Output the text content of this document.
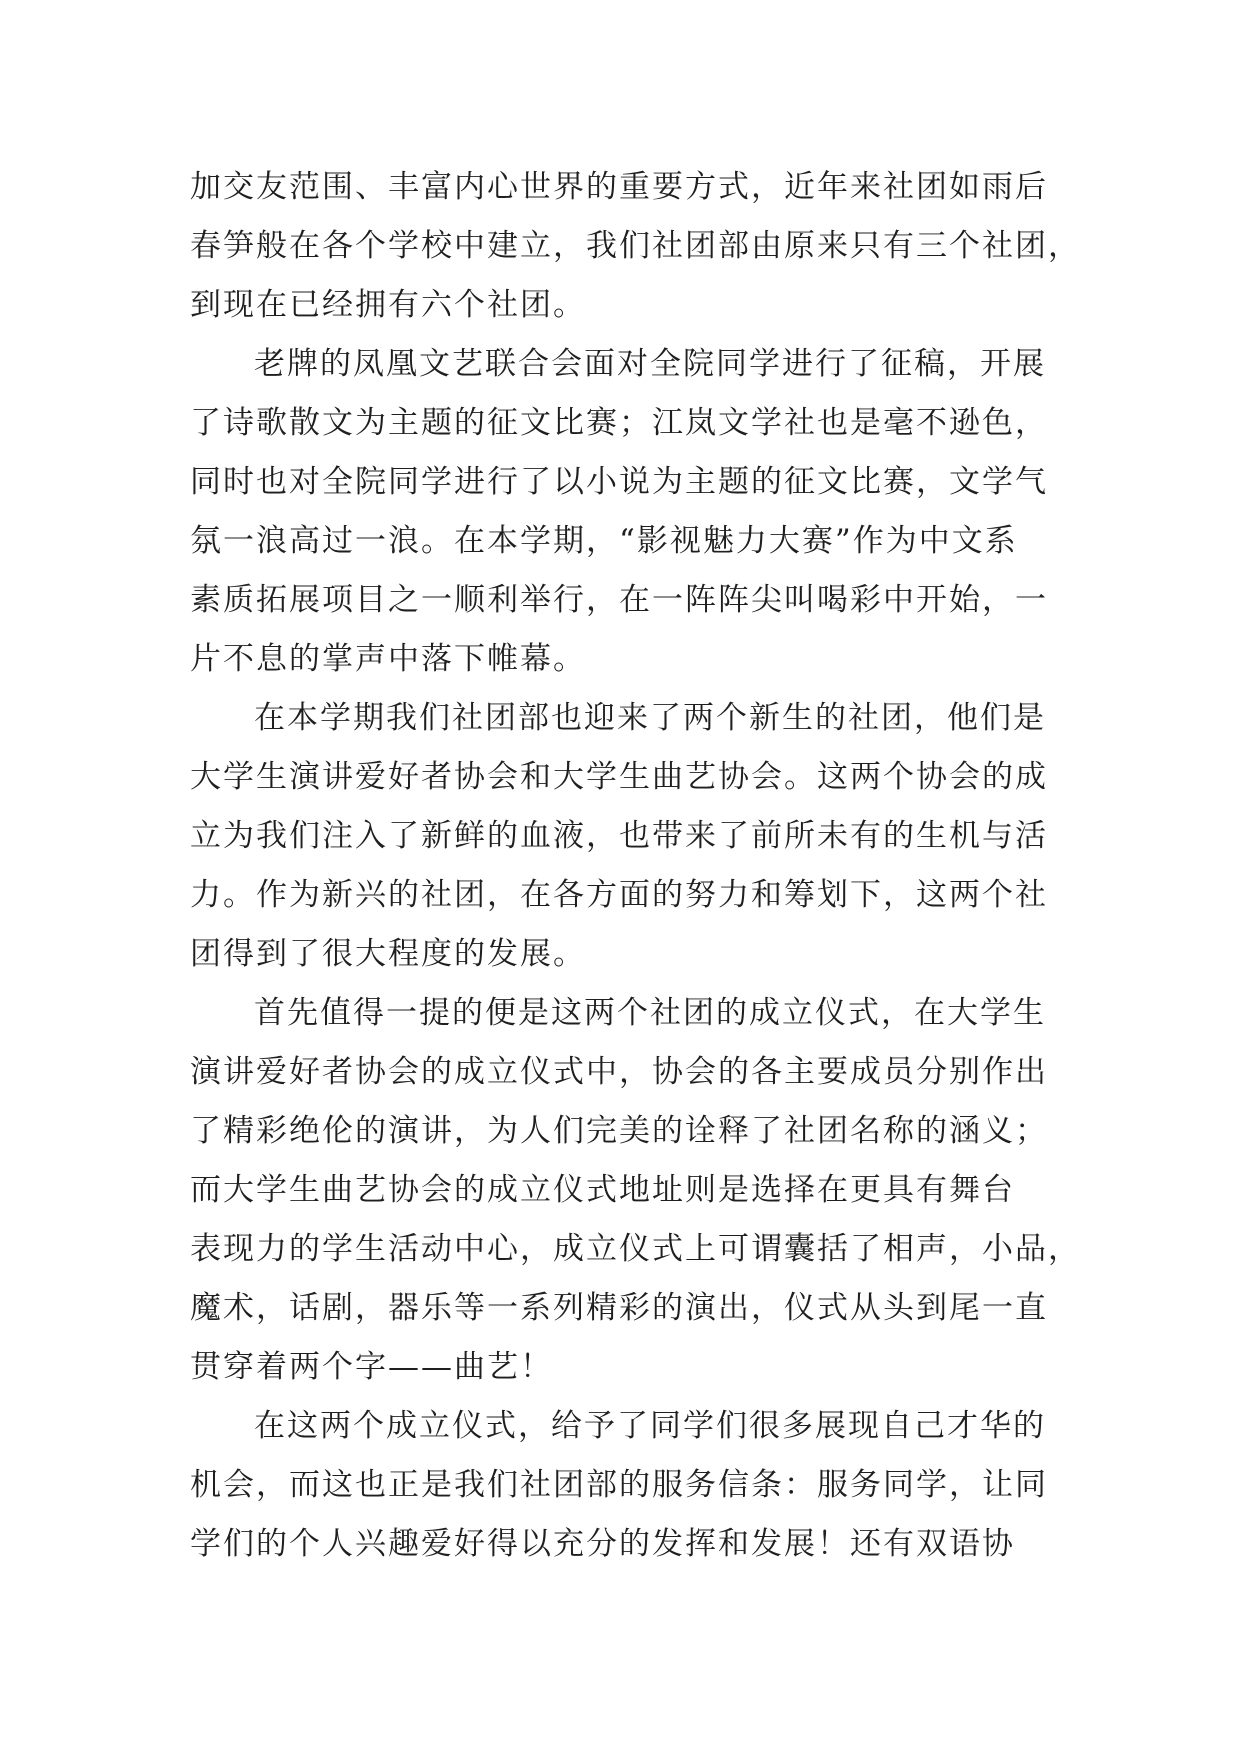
加交友范围、丰富内心世界的重要方式，近年来社团如雨后
春笋般在各个学校中建立，我们社团部由原来只有三个社团，
到现在已经拥有六个社团。
老牌的凤凰文艺联合会面对全院同学进行了征稿，开展
了诗歌散文为主题的征文比赛；江岚文学社也是毫不逊色，
同时也对全院同学进行了以小说为主题的征文比赛，文学气
氛一浪高过一浪。在本学期，“影视魅力大赛”作为中文系
素质拓展项目之一顺利举行，在一阵阵尖叫喝彩中开始，一
片不息的掌声中落下帷幕。
在本学期我们社团部也迎来了两个新生的社团，他们是
大学生演讲爱好者协会和大学生曲艺协会。这两个协会的成
立为我们注入了新鲜的血液，也带来了前所未有的生机与活
力。作为新兴的社团，在各方面的努力和筹划下，这两个社
团得到了很大程度的发展。
首先值得一提的便是这两个社团的成立仪式，在大学生
演讲爱好者协会的成立仪式中，协会的各主要成员分别作出
了精彩绝伦的演讲，为人们完美的诠释了社团名称的涵义；
而大学生曲艺协会的成立仪式地址则是选择在更具有舞台
表现力的学生活动中心，成立仪式上可谓囊括了相声，小品，
魔术，话剧，器乐等一系列精彩的演出，仪式从头到尾一直
贯穿着两个字——曲艺！
在这两个成立仪式，给予了同学们很多展现自己才华的
机会，而这也正是我们社团部的服务信条：服务同学，让同
学们的个人兴趣爱好得以充分的发挥和发展！还有双语协
